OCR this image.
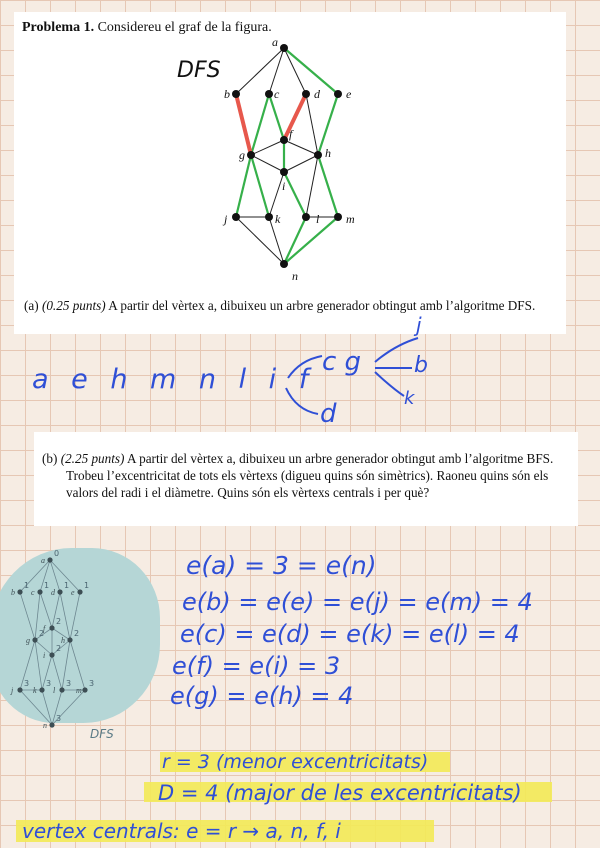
Problema 1. Considereu el graf de la figura.
a
b	c	d e
f
g	h
i
j	k	l m
n
DFS
(a) (0.25 punts) A partir del vèrtex a, dibuixeu un arbre generador obtingut amb l’algoritme DFS.
a e h m n l i f
c g
j
b
k
d
(b) (2.25 punts) A partir del vèrtex a, dibuixeu un arbre generador obtingut amb l’algoritme BFS. Trobeu l’excentricitat de tots els vèrtexs (digueu quins són simètrics). Raoneu quins són els valors del radi i el diàmetre. Quins són els vèrtexs centrals i per què?
a
0
b
1
c
1
d
1
e
1
f
2
g
2
h
2
i
2
j
3
k
3
l
3
m
3
n
3
DFS
e(a) = 3 = e(n)
e(b) = e(e) = e(j) = e(m) = 4
e(c) = e(d) = e(k) = e(l) = 4
e(f) = e(i) = 3
e(g) = e(h) = 4
r = 3 (menor excentricitats)
D = 4 (major de les excentricitats)
vertex centrals: e = r → a, n, f, i
